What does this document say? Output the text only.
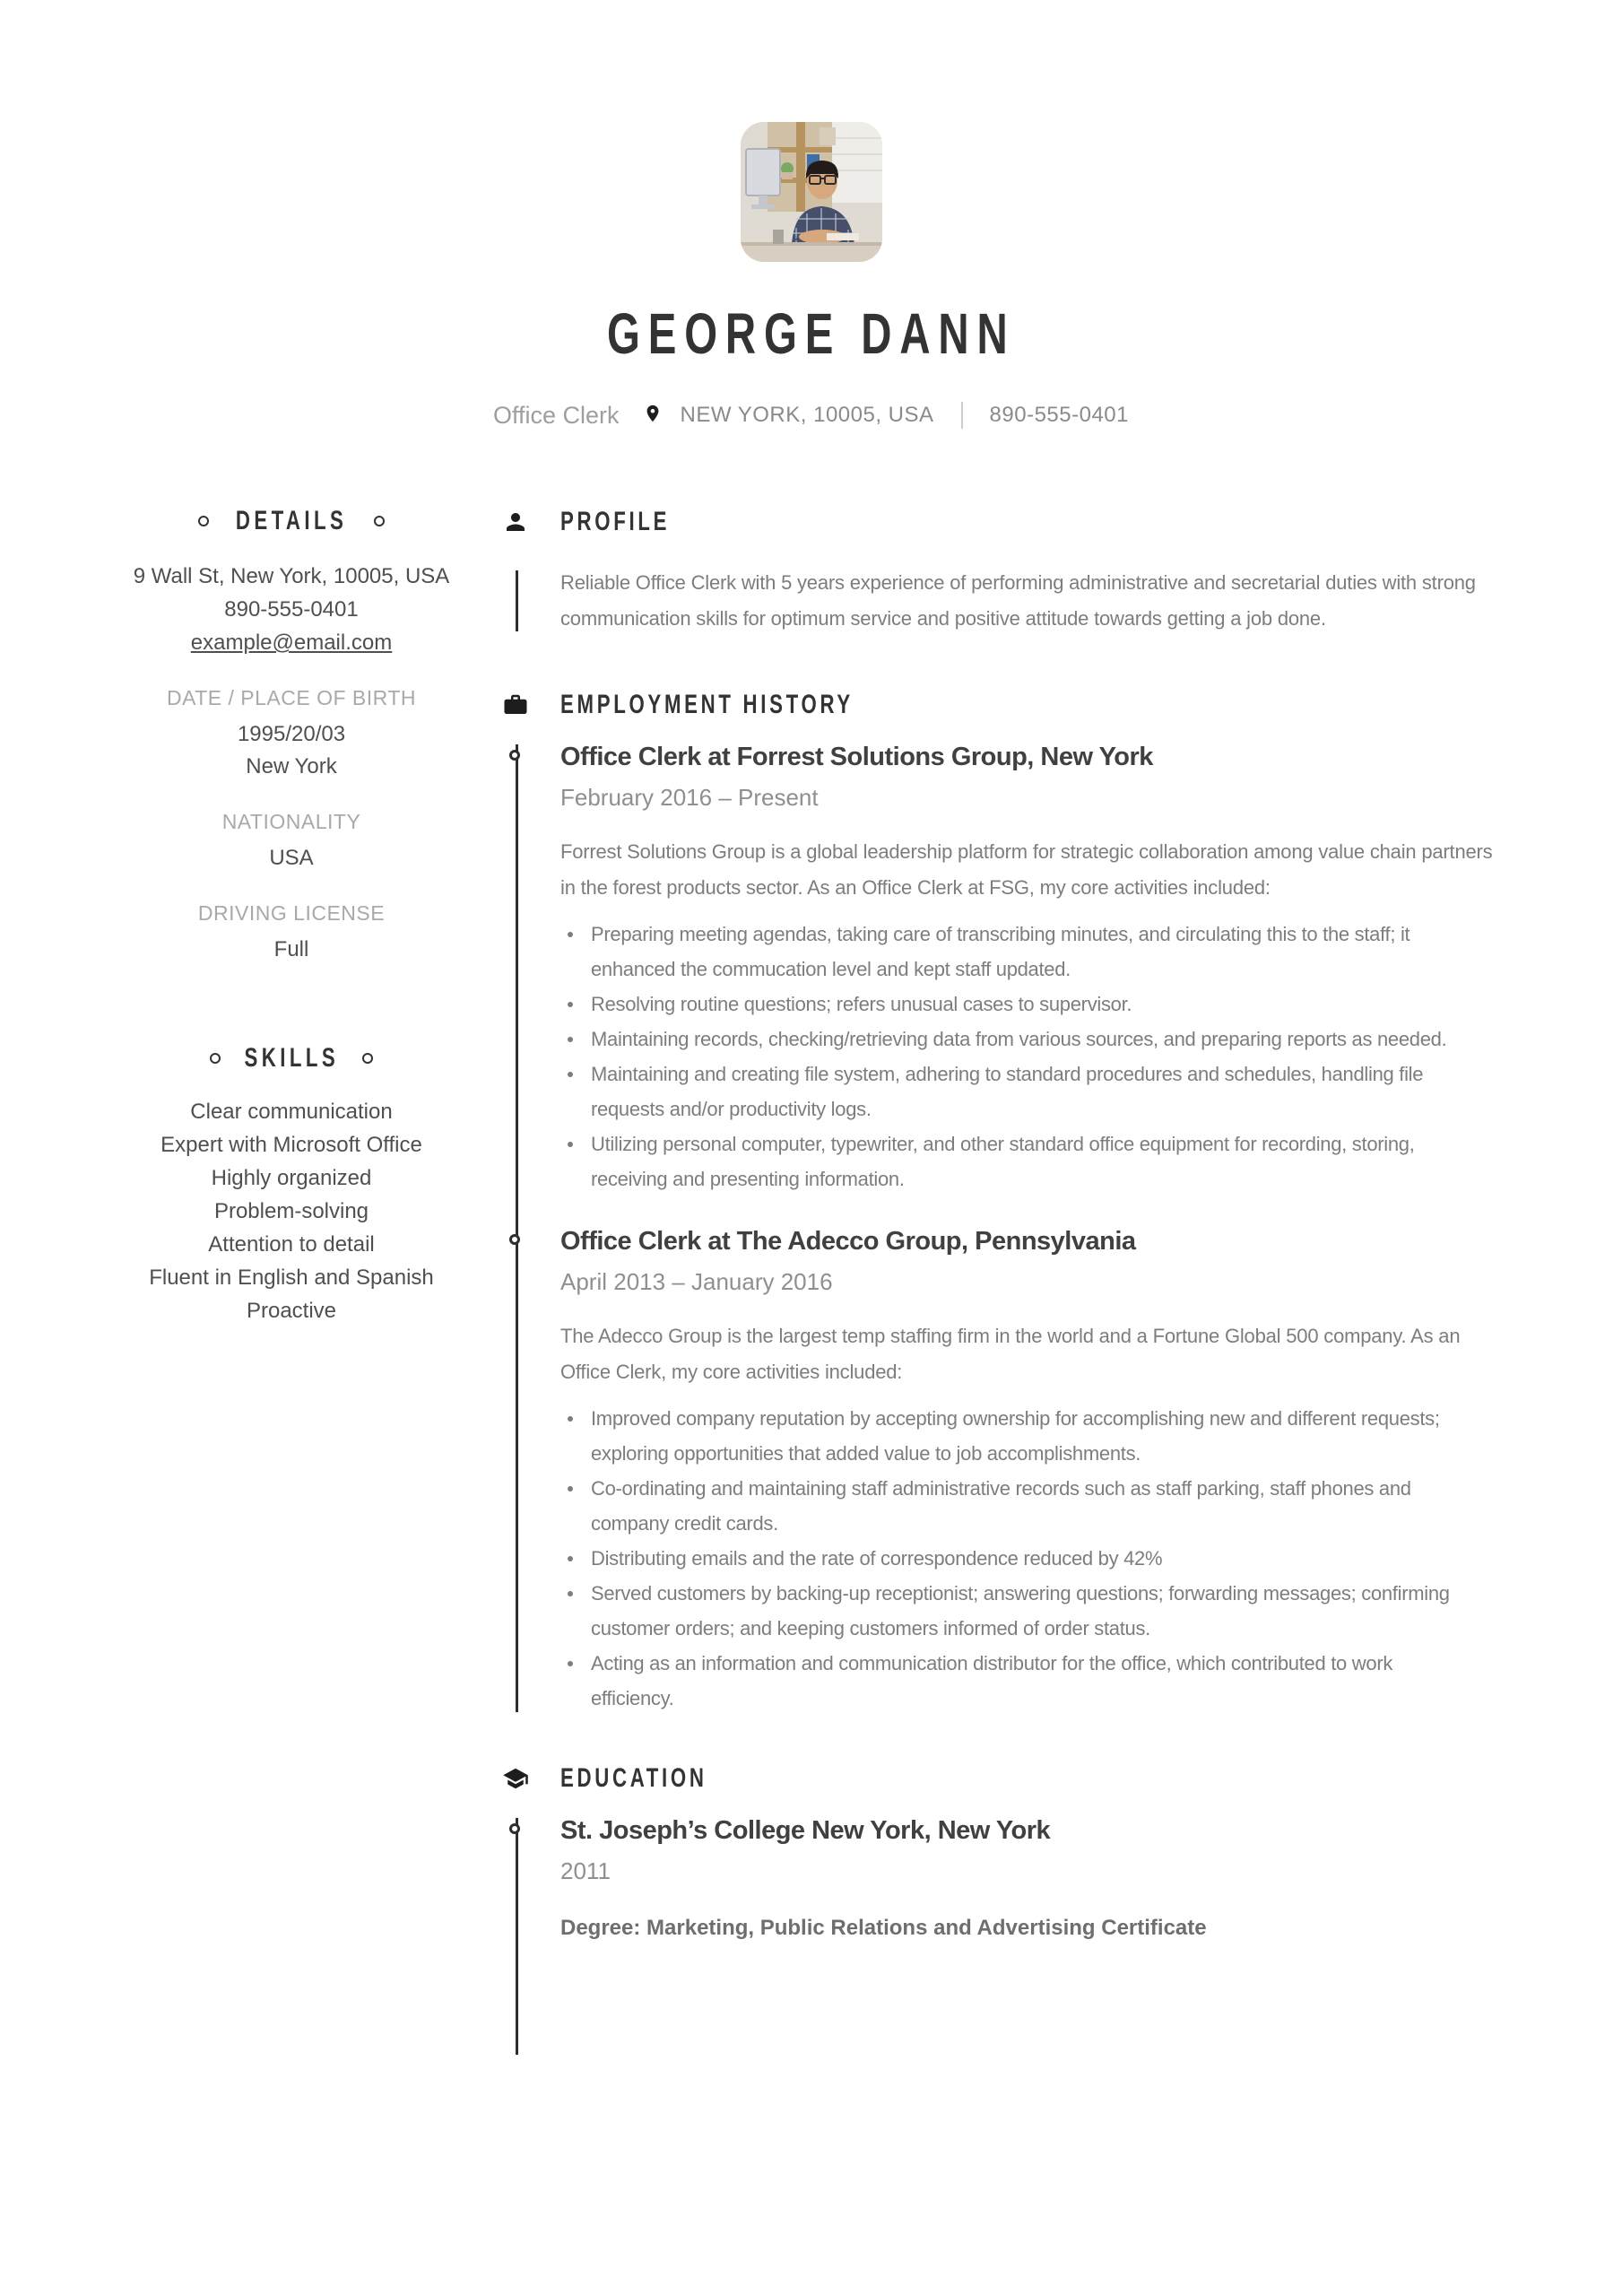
GEORGE DANN
Office Clerk	NEW YORK, 10005, USA	890-555-0401
DETAILS
9 Wall St, New York, 10005, USA
890-555-0401
example@email.com
DATE / PLACE OF BIRTH
1995/20/03
New York
NATIONALITY
USA
DRIVING LICENSE
Full
SKILLS
Clear communication
Expert with Microsoft Office
Highly organized
Problem-solving
Attention to detail
Fluent in English and Spanish
Proactive
PROFILE

Reliable Office Clerk with 5 years experience of performing administrative and secretarial duties with strong communication skills for optimum service and positive attitude towards getting a job done.

EMPLOYMENT HISTORY
Office Clerk at Forrest Solutions Group, New York
February 2016 – Present

Forrest Solutions Group is a global leadership platform for strategic collaboration among value chain partners in the forest products sector. As an Office Clerk at FSG, my core activities included:

Preparing meeting agendas, taking care of transcribing minutes, and circulating this to the staff; it enhanced the commucation level and kept staff updated.
Resolving routine questions; refers unusual cases to supervisor.
Maintaining records, checking/retrieving data from various sources, and preparing reports as needed.
Maintaining and creating file system, adhering to standard procedures and schedules, handling file requests and/or productivity logs.
Utilizing personal computer, typewriter, and other standard office equipment for recording, storing, receiving and presenting information.
Office Clerk at The Adecco Group, Pennsylvania
April 2013 – January 2016

The Adecco Group is the largest temp staffing firm in the world and a Fortune Global 500 company. As an Office Clerk, my core activities included:

Improved company reputation by accepting ownership for accomplishing new and different requests; exploring opportunities that added value to job accomplishments.
Co-ordinating and maintaining staff administrative records such as staff parking, staff phones and company credit cards.
Distributing emails and the rate of correspondence reduced by 42%
Served customers by backing-up receptionist; answering questions; forwarding messages; confirming customer orders; and keeping customers informed of order status.
Acting as an information and communication distributor for the office, which contributed to work efficiency.
EDUCATION
St. Joseph’s College New York, New York
2011
Degree: Marketing, Public Relations and Advertising Certificate
